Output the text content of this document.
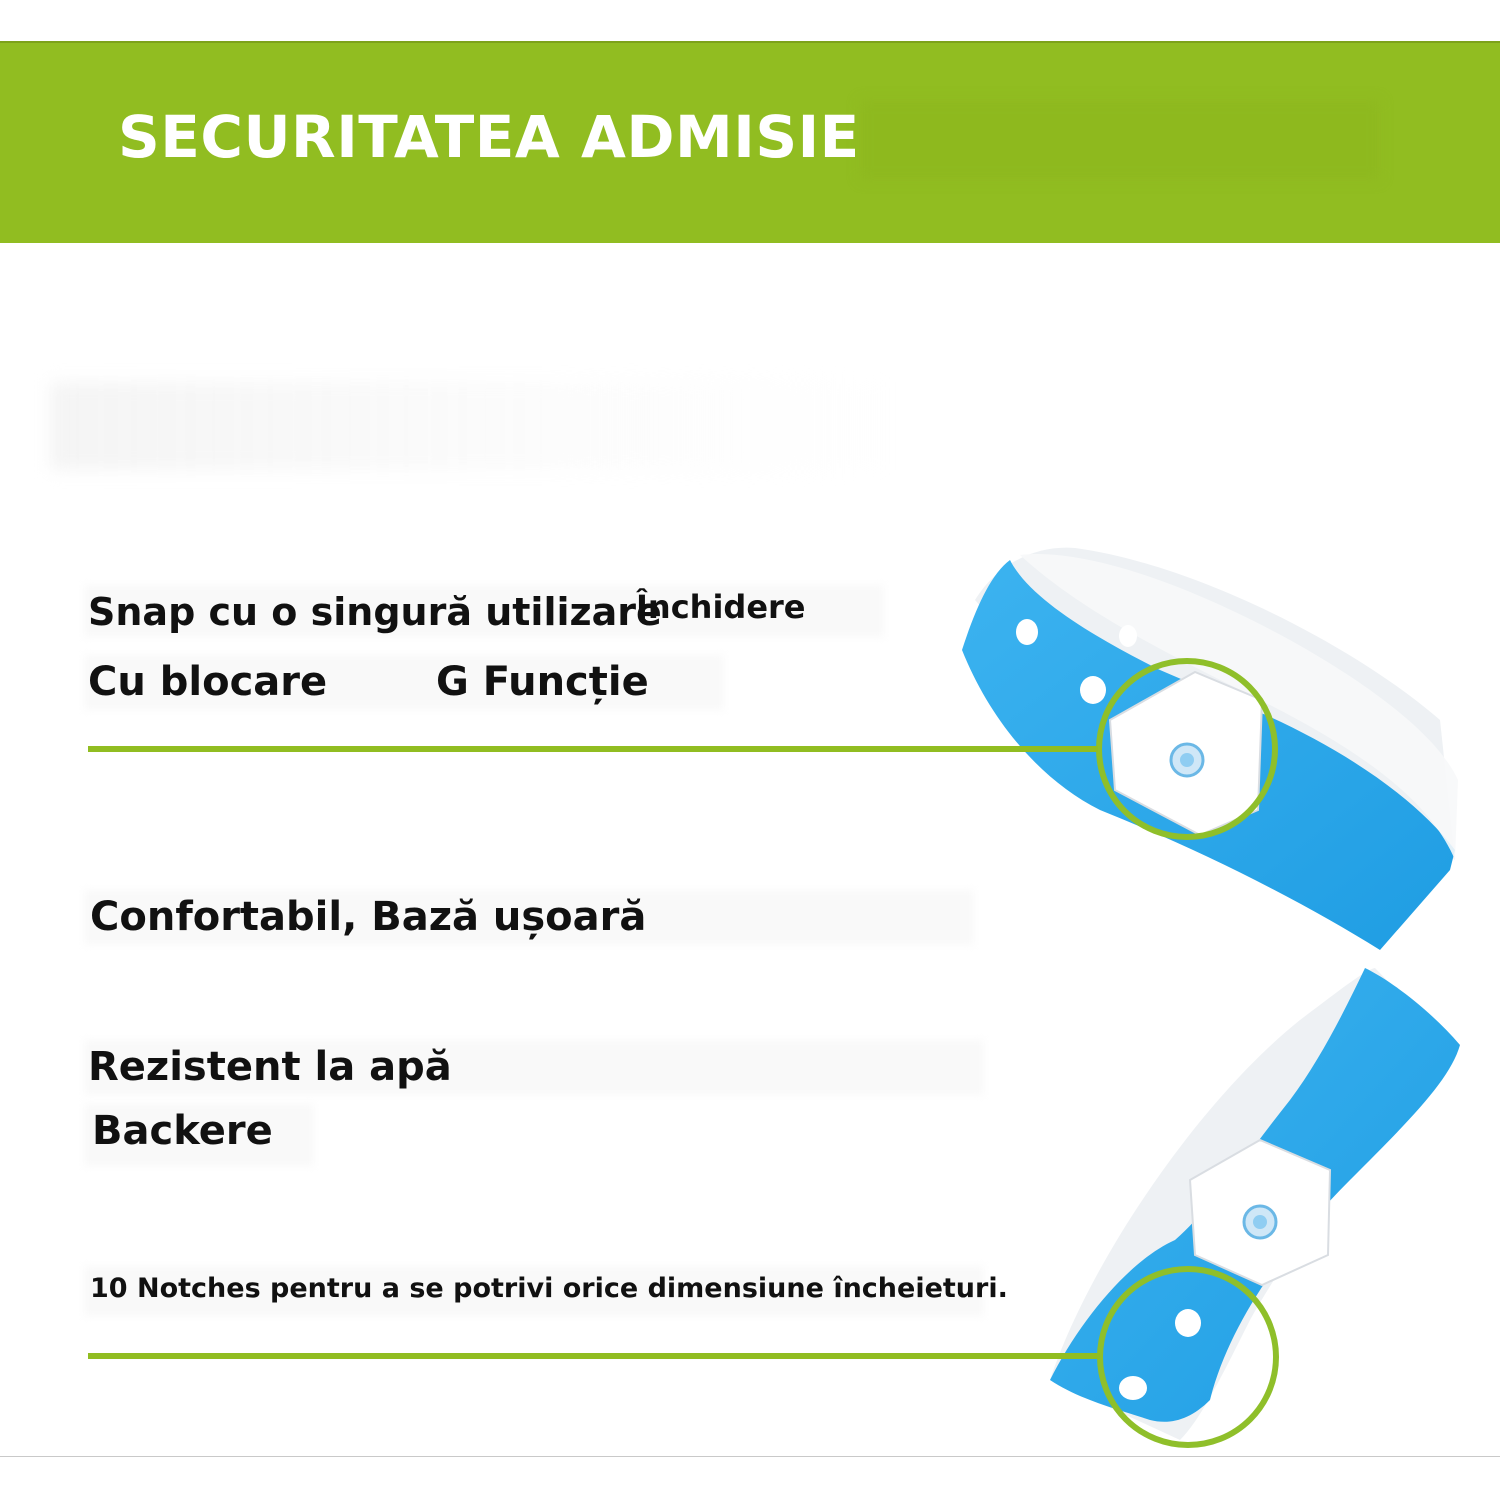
SECURITATEA ADMISIE
Snap cu o singură utilizare
Închidere
Cu blocare	G Funcție
Confortabil, Bază ușoară
Rezistent la apă
Backere
10 Notches pentru a se potrivi orice dimensiune încheieturi.
